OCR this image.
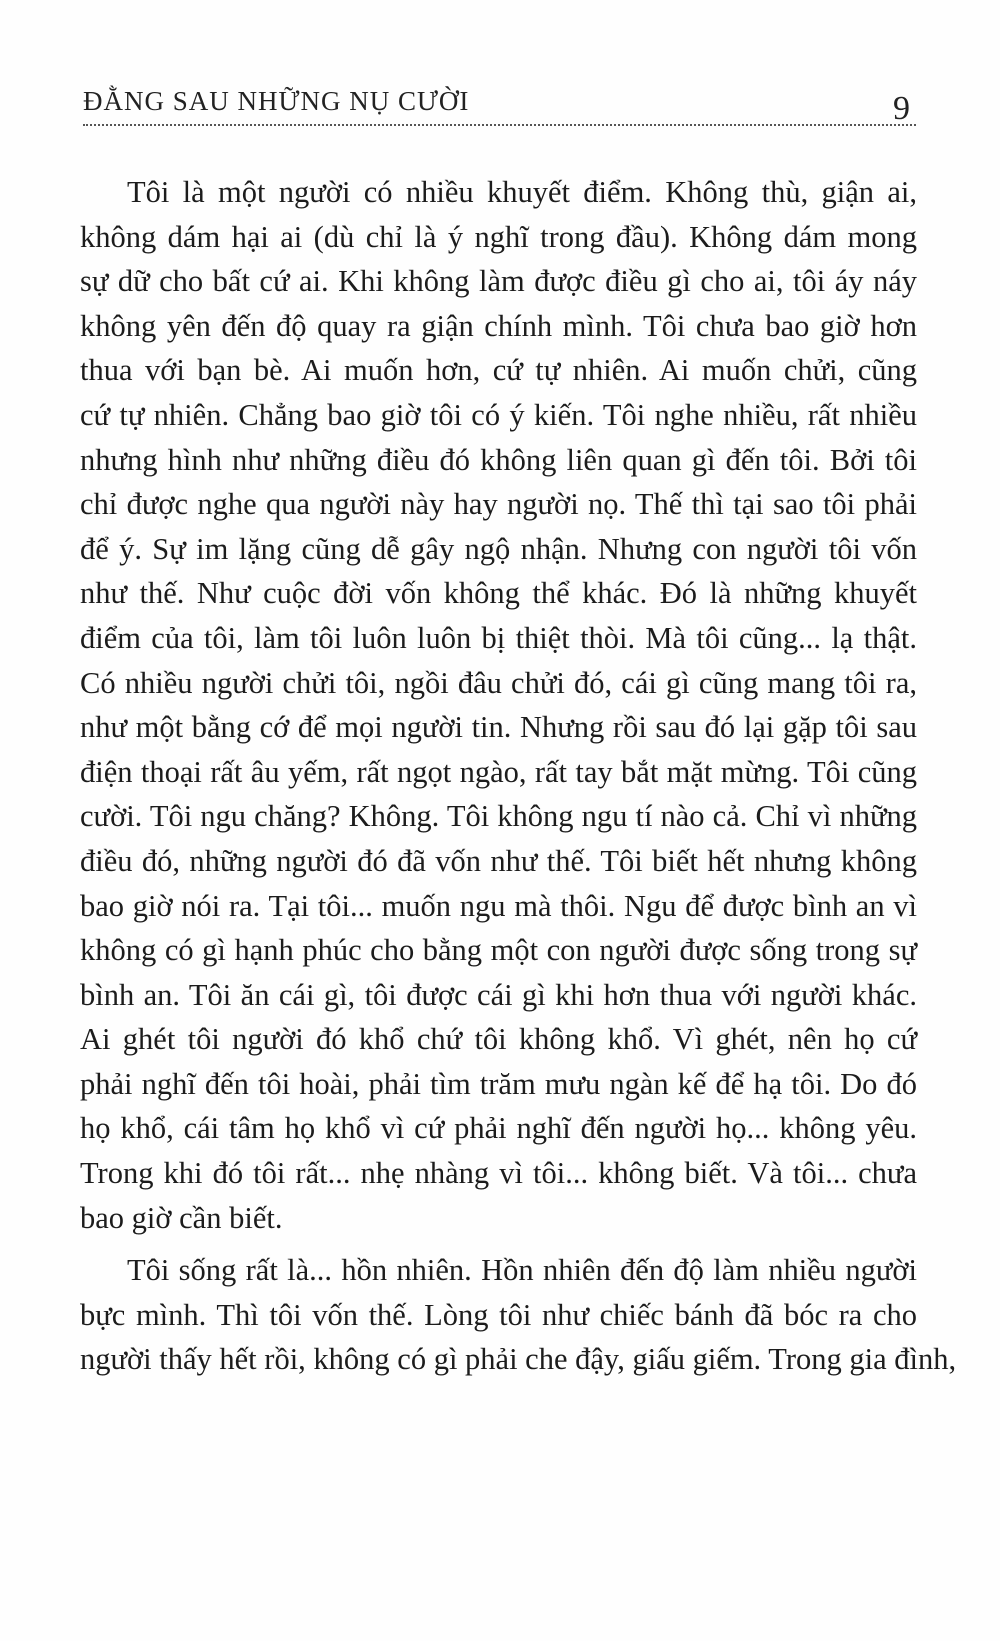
ĐẰNG SAU NHỮNG NỤ CƯỜI	9
Tôi là một người có nhiều khuyết điểm. Không thù, giận ai,
không dám hại ai (dù chỉ là ý nghĩ trong đầu). Không dám mong
sự dữ cho bất cứ ai. Khi không làm được điều gì cho ai, tôi áy náy
không yên đến độ quay ra giận chính mình. Tôi chưa bao giờ hơn
thua với bạn bè. Ai muốn hơn, cứ tự nhiên. Ai muốn chửi, cũng
cứ tự nhiên. Chẳng bao giờ tôi có ý kiến. Tôi nghe nhiều, rất nhiều
nhưng hình như những điều đó không liên quan gì đến tôi. Bởi tôi
chỉ được nghe qua người này hay người nọ. Thế thì tại sao tôi phải
để ý. Sự im lặng cũng dễ gây ngộ nhận. Nhưng con người tôi vốn
như thế. Như cuộc đời vốn không thể khác. Đó là những khuyết
điểm của tôi, làm tôi luôn luôn bị thiệt thòi. Mà tôi cũng... lạ thật.
Có nhiều người chửi tôi, ngồi đâu chửi đó, cái gì cũng mang tôi ra,
như một bằng cớ để mọi người tin. Nhưng rồi sau đó lại gặp tôi sau
điện thoại rất âu yếm, rất ngọt ngào, rất tay bắt mặt mừng. Tôi cũng
cười. Tôi ngu chăng? Không. Tôi không ngu tí nào cả. Chỉ vì những
điều đó, những người đó đã vốn như thế. Tôi biết hết nhưng không
bao giờ nói ra. Tại tôi... muốn ngu mà thôi. Ngu để được bình an vì
không có gì hạnh phúc cho bằng một con người được sống trong sự
bình an. Tôi ăn cái gì, tôi được cái gì khi hơn thua với người khác.
Ai ghét tôi người đó khổ chứ tôi không khổ. Vì ghét, nên họ cứ
phải nghĩ đến tôi hoài, phải tìm trăm mưu ngàn kế để hạ tôi. Do đó
họ khổ, cái tâm họ khổ vì cứ phải nghĩ đến người họ... không yêu.
Trong khi đó tôi rất... nhẹ nhàng vì tôi... không biết. Và tôi... chưa
bao giờ cần biết.
Tôi sống rất là... hồn nhiên. Hồn nhiên đến độ làm nhiều người
bực mình. Thì tôi vốn thế. Lòng tôi như chiếc bánh đã bóc ra cho
người thấy hết rồi, không có gì phải che đậy, giấu giếm. Trong gia đình,
